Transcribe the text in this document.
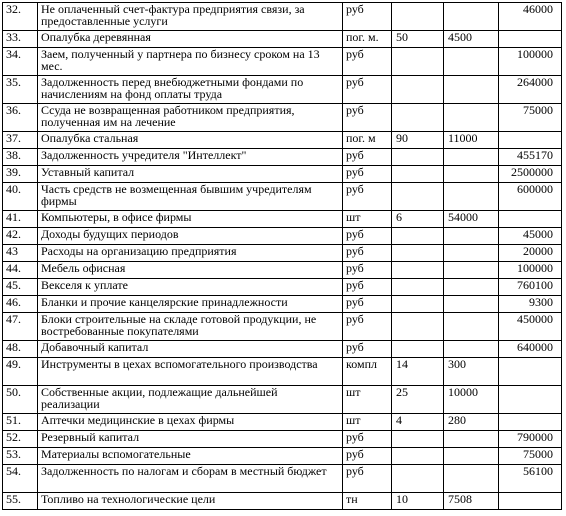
32.	Не оплаченный счет-фактура предприятия связи, за предоставленные услуги	руб			46000
33.	Опалубка деревянная	пог. м.	50	4500	
34.	Заем, полученный у партнера по бизнесу сроком на 13 мес.	руб			100000
35.	Задолженность перед внебюджетными фондами по начислениям на фонд оплаты труда	руб			264000
36.	Ссуда не возвращенная работником предприятия, полученная им на лечение	руб			75000
37.	Опалубка стальная	пог. м	90	11000	
38.	Задолженность учредителя "Интеллект"	руб			455170
39.	Уставный капитал	руб			2500000
40.	Часть средств не возмещенная бывшим учредителям фирмы	руб			600000
41.	Компьютеры, в офисе фирмы	шт	6	54000	
42.	Доходы будущих периодов	руб			45000
43	Расходы на организацию предприятия	руб			20000
44.	Мебель офисная	руб			100000
45.	Векселя к уплате	руб			760100
46.	Бланки и прочие канцелярские принадлежности	руб			9300
47.	Блоки строительные на складе готовой продукции, не востребованные покупателями	руб			450000
48.	Добавочный капитал	руб			640000
49.	Инструменты в цехах вспомогательного производства	компл	14	300	
50.	Собственные акции, подлежащие дальнейшей реализации	шт	25	10000	
51.	Аптечки медицинские в цехах фирмы	шт	4	280	
52.	Резервный капитал	руб			790000
53.	Материалы вспомогательные	руб			75000
54.	Задолженность по налогам и сборам в местный бюджет	руб			56100
55.	Топливо на технологические цели	тн	10	7508	
